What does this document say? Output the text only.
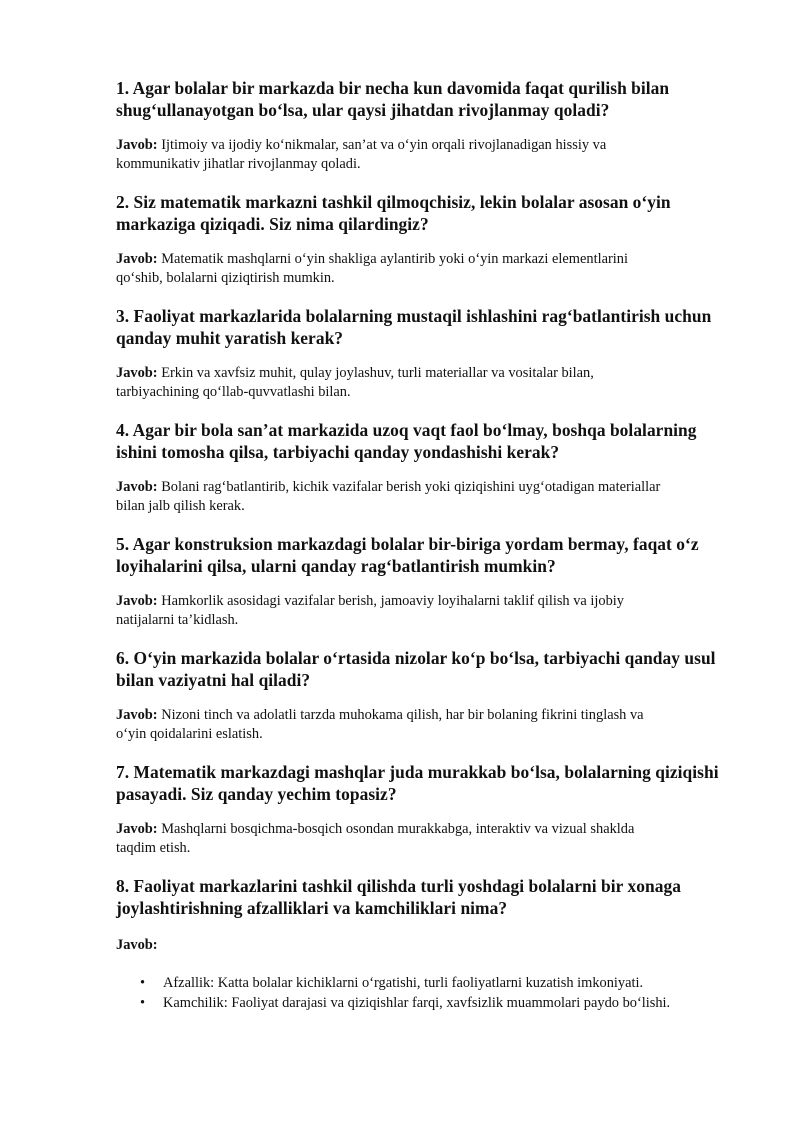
1. Agar bolalar bir markazda bir necha kun davomida faqat qurilish bilan
shug‘ullanayotgan bo‘lsa, ular qaysi jihatdan rivojlanmay qoladi?

Javob: Ijtimoiy va ijodiy ko‘nikmalar, san’at va o‘yin orqali rivojlanadigan hissiy va
kommunikativ jihatlar rivojlanmay qoladi.

2. Siz matematik markazni tashkil qilmoqchisiz, lekin bolalar asosan o‘yin
markaziga qiziqadi. Siz nima qilardingiz?

Javob: Matematik mashqlarni o‘yin shakliga aylantirib yoki o‘yin markazi elementlarini
qo‘shib, bolalarni qiziqtirish mumkin.

3. Faoliyat markazlarida bolalarning mustaqil ishlashini rag‘batlantirish uchun
qanday muhit yaratish kerak?

Javob: Erkin va xavfsiz muhit, qulay joylashuv, turli materiallar va vositalar bilan,
tarbiyachining qo‘llab-quvvatlashi bilan.

4. Agar bir bola san’at markazida uzoq vaqt faol bo‘lmay, boshqa bolalarning
ishini tomosha qilsa, tarbiyachi qanday yondashishi kerak?

Javob: Bolani rag‘batlantirib, kichik vazifalar berish yoki qiziqishini uyg‘otadigan materiallar
bilan jalb qilish kerak.

5. Agar konstruksion markazdagi bolalar bir-biriga yordam bermay, faqat o‘z
loyihalarini qilsa, ularni qanday rag‘batlantirish mumkin?

Javob: Hamkorlik asosidagi vazifalar berish, jamoaviy loyihalarni taklif qilish va ijobiy
natijalarni ta’kidlash.

6. O‘yin markazida bolalar o‘rtasida nizolar ko‘p bo‘lsa, tarbiyachi qanday usul
bilan vaziyatni hal qiladi?

Javob: Nizoni tinch va adolatli tarzda muhokama qilish, har bir bolaning fikrini tinglash va
o‘yin qoidalarini eslatish.

7. Matematik markazdagi mashqlar juda murakkab bo‘lsa, bolalarning qiziqishi
pasayadi. Siz qanday yechim topasiz?

Javob: Mashqlarni bosqichma-bosqich osondan murakkabga, interaktiv va vizual shaklda
taqdim etish.

8. Faoliyat markazlarini tashkil qilishda turli yoshdagi bolalarni bir xonaga
joylashtirishning afzalliklari va kamchiliklari nima?

Javob:

• Afzallik: Katta bolalar kichiklarni o‘rgatishi, turli faoliyatlarni kuzatish imkoniyati.
• Kamchilik: Faoliyat darajasi va qiziqishlar farqi, xavfsizlik muammolari paydo bo‘lishi.
